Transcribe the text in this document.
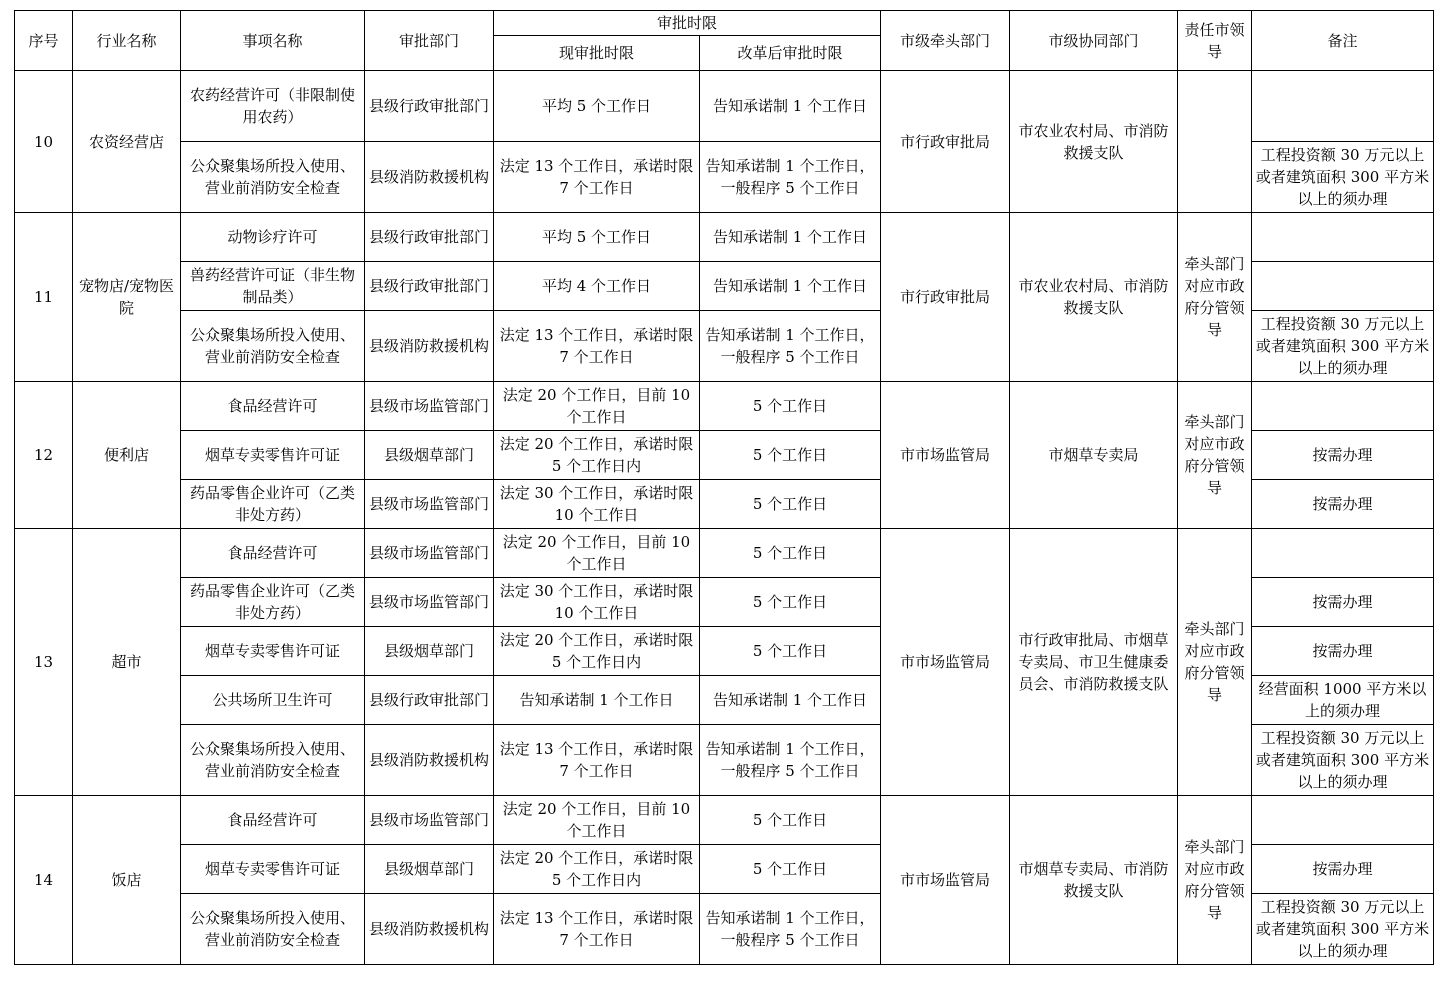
序号	行业名称	事项名称	审批部门	审批时限		市级牵头部门	市级协同部门	责任市领导	备注
				现审批时限	改革后审批时限				
10	农资经营店	农药经营许可（非限制使用农药）	县级行政审批部门	平均 5 个工作日	告知承诺制 1 个工作日	市行政审批局	市农业农村局、市消防救援支队		
		公众聚集场所投入使用、营业前消防安全检查	县级消防救援机构	法定 13 个工作日，承诺时限 7 个工作日	告知承诺制 1 个工作日，一般程序 5 个工作日				工程投资额 30 万元以上或者建筑面积 300 平方米以上的须办理
11	宠物店/宠物医院	动物诊疗许可	县级行政审批部门	平均 5 个工作日	告知承诺制 1 个工作日	市行政审批局	市农业农村局、市消防救援支队	牵头部门对应市政府分管领导	
		兽药经营许可证（非生物制品类）	县级行政审批部门	平均 4 个工作日	告知承诺制 1 个工作日				
		公众聚集场所投入使用、营业前消防安全检查	县级消防救援机构	法定 13 个工作日，承诺时限 7 个工作日	告知承诺制 1 个工作日，一般程序 5 个工作日				工程投资额 30 万元以上或者建筑面积 300 平方米以上的须办理
12	便利店	食品经营许可	县级市场监管部门	法定 20 个工作日，目前 10 个工作日	5 个工作日	市市场监管局	市烟草专卖局	牵头部门对应市政府分管领导	
		烟草专卖零售许可证	县级烟草部门	法定 20 个工作日，承诺时限 5 个工作日内	5 个工作日				按需办理
		药品零售企业许可（乙类非处方药）	县级市场监管部门	法定 30 个工作日，承诺时限 10 个工作日	5 个工作日				按需办理
13	超市	食品经营许可	县级市场监管部门	法定 20 个工作日，目前 10 个工作日	5 个工作日	市市场监管局	市行政审批局、市烟草专卖局、市卫生健康委员会、市消防救援支队	牵头部门对应市政府分管领导	
		药品零售企业许可（乙类非处方药）	县级市场监管部门	法定 30 个工作日，承诺时限 10 个工作日	5 个工作日				按需办理
		烟草专卖零售许可证	县级烟草部门	法定 20 个工作日，承诺时限 5 个工作日内	5 个工作日				按需办理
		公共场所卫生许可	县级行政审批部门	告知承诺制 1 个工作日	告知承诺制 1 个工作日				经营面积 1000 平方米以上的须办理
		公众聚集场所投入使用、营业前消防安全检查	县级消防救援机构	法定 13 个工作日，承诺时限 7 个工作日	告知承诺制 1 个工作日，一般程序 5 个工作日				工程投资额 30 万元以上或者建筑面积 300 平方米以上的须办理
14	饭店	食品经营许可	县级市场监管部门	法定 20 个工作日，目前 10 个工作日	5 个工作日	市市场监管局	市烟草专卖局、市消防救援支队	牵头部门对应市政府分管领导	
		烟草专卖零售许可证	县级烟草部门	法定 20 个工作日，承诺时限 5 个工作日内	5 个工作日				按需办理
		公众聚集场所投入使用、营业前消防安全检查	县级消防救援机构	法定 13 个工作日，承诺时限 7 个工作日	告知承诺制 1 个工作日，一般程序 5 个工作日				工程投资额 30 万元以上或者建筑面积 300 平方米以上的须办理
